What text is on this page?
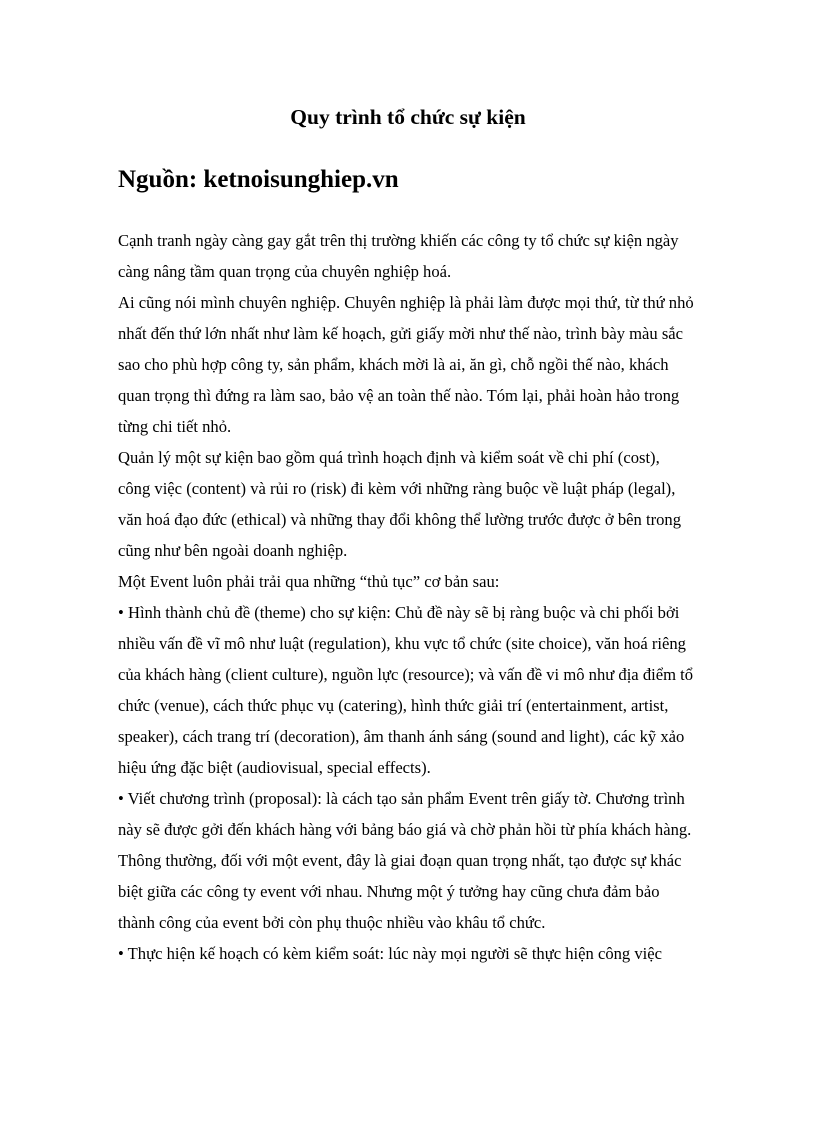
Quy trình tổ chức sự kiện
Nguồn: ketnoisunghiep.vn

Cạnh tranh ngày càng gay gắt trên thị trường khiến các công ty tổ chức sự kiện ngày càng nâng tầm quan trọng của chuyên nghiệp hoá.

Ai cũng nói mình chuyên nghiệp. Chuyên nghiệp là phải làm được mọi thứ, từ thứ nhỏ nhất đến thứ lớn nhất như làm kế hoạch, gửi giấy mời như thế nào, trình bày màu sắc sao cho phù hợp công ty, sản phẩm, khách mời là ai, ăn gì, chỗ ngồi thế nào, khách quan trọng thì đứng ra làm sao, bảo vệ an toàn thế nào. Tóm lại, phải hoàn hảo trong từng chi tiết nhỏ.

Quản lý một sự kiện bao gồm quá trình hoạch định và kiểm soát về chi phí (cost), công việc (content) và rủi ro (risk) đi kèm với những ràng buộc về luật pháp (legal), văn hoá đạo đức (ethical) và những thay đổi không thể lường trước được ở bên trong cũng như bên ngoài doanh nghiệp.

Một Event luôn phải trải qua những “thủ tục” cơ bản sau:

• Hình thành chủ đề (theme) cho sự kiện: Chủ đề này sẽ bị ràng buộc và chi phối bởi nhiều vấn đề vĩ mô như luật (regulation), khu vực tổ chức (site choice), văn hoá riêng của khách hàng (client culture), nguồn lực (resource); và vấn đề vi mô như địa điểm tổ chức (venue), cách thức phục vụ (catering), hình thức giải trí (entertainment, artist, speaker), cách trang trí (decoration), âm thanh ánh sáng (sound and light), các kỹ xảo hiệu ứng đặc biệt (audiovisual, special effects).

• Viết chương trình (proposal): là cách tạo sản phẩm Event trên giấy tờ. Chương trình này sẽ được gởi đến khách hàng với bảng báo giá và chờ phản hồi từ phía khách hàng. Thông thường, đối với một event, đây là giai đoạn quan trọng nhất, tạo được sự khác biệt giữa các công ty event với nhau. Nhưng một ý tưởng hay cũng chưa đảm bảo thành công của event bởi còn phụ thuộc nhiều vào khâu tổ chức.

• Thực hiện kế hoạch có kèm kiểm soát: lúc này mọi người sẽ thực hiện công việc
